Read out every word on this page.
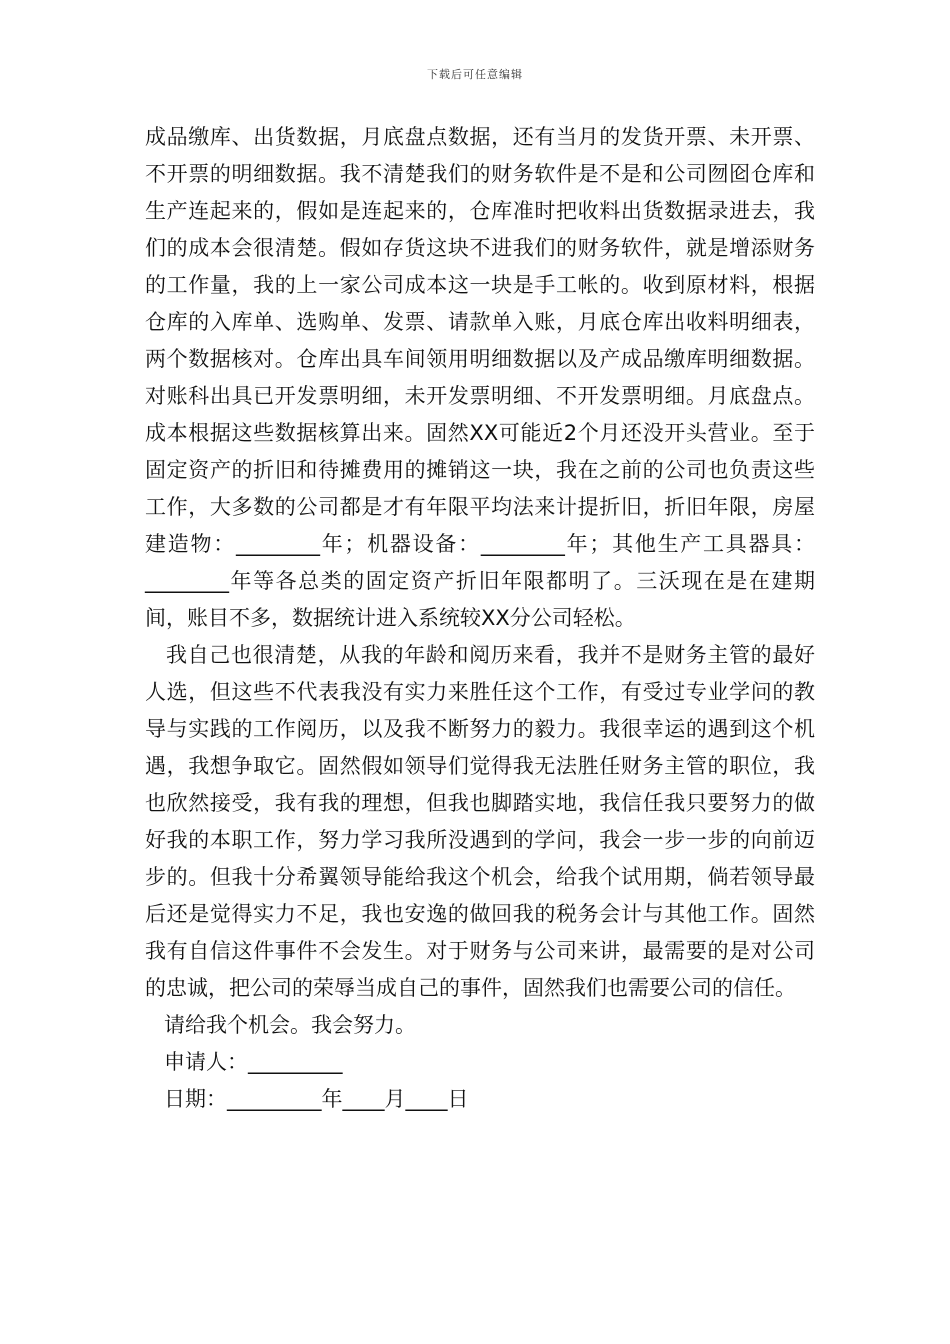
下载后可任意编辑

成品缴库、出货数据，月底盘点数据，还有当月的发货开票、未开票、不开票的明细数据。我不清楚我们的财务软件是不是和公司囫囵仓库和生产连起来的，假如是连起来的，仓库准时把收料出货数据录进去，我们的成本会很清楚。假如存货这块不进我们的财务软件，就是增添财务的工作量，我的上一家公司成本这一块是手工帐的。收到原材料，根据仓库的入库单、选购单、发票、请款单入账，月底仓库出收料明细表，两个数据核对。仓库出具车间领用明细数据以及产成品缴库明细数据。对账科出具已开发票明细，未开发票明细、不开发票明细。月底盘点。成本根据这些数据核算出来。固然XX可能近2个月还没开头营业。至于固定资产的折旧和待摊费用的摊销这一块，我在之前的公司也负责这些工作，大多数的公司都是才有年限平均法来计提折旧，折旧年限，房屋建造物：________年；机器设备：________年；其他生产工具器具：________年等各总类的固定资产折旧年限都明了。三沃现在是在建期间，账目不多，数据统计进入系统较XX分公司轻松。

我自己也很清楚，从我的年龄和阅历来看，我并不是财务主管的最好人选，但这些不代表我没有实力来胜任这个工作，有受过专业学问的教导与实践的工作阅历，以及我不断努力的毅力。我很幸运的遇到这个机遇，我想争取它。固然假如领导们觉得我无法胜任财务主管的职位，我也欣然接受，我有我的理想，但我也脚踏实地，我信任我只要努力的做好我的本职工作，努力学习我所没遇到的学问，我会一步一步的向前迈步的。但我十分希翼领导能给我这个机会，给我个试用期，倘若领导最后还是觉得实力不足，我也安逸的做回我的税务会计与其他工作。固然我有自信这件事件不会发生。对于财务与公司来讲，最需要的是对公司的忠诚，把公司的荣辱当成自己的事件，固然我们也需要公司的信任。

请给我个机会。我会努力。

申请人：_________

日期：_________年____月____日
